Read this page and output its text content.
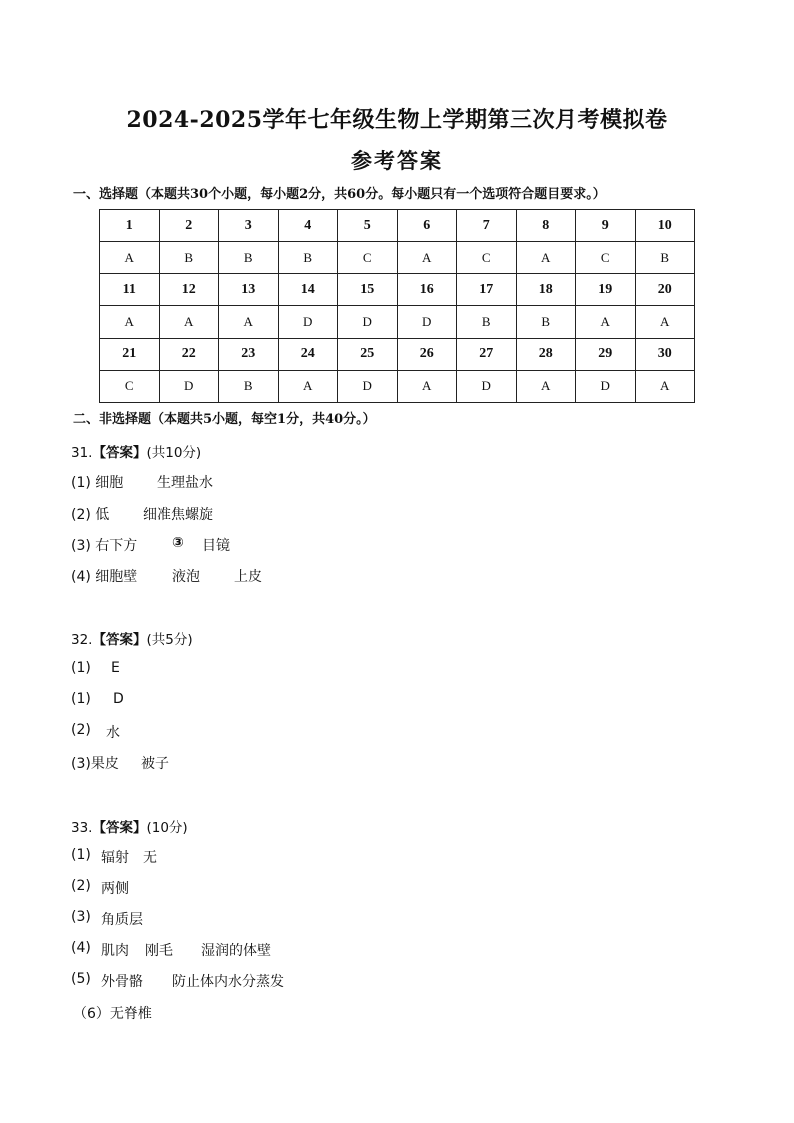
2024-2025学年七年级生物上学期第三次月考模拟卷
参考答案
一、选择题（本题共30个小题，每小题2分，共60分。每小题只有一个选项符合题目要求。）
1	2	3	4	5	6	7	8	9	10
A	B	B	B	C	A	C	A	C	B
11	12	13	14	15	16	17	18	19	20
A	A	A	D	D	D	B	B	A	A
21	22	23	24	25	26	27	28	29	30
C	D	B	A	D	A	D	A	D	A
二、非选择题（本题共5小题，每空1分，共40分。）
31.【答案】(共10分)
(1) 细胞 生理盐水
(2) 低 细准焦螺旋
(3) 右下方 ③ 目镜
(4) 细胞壁 液泡 上皮
32.【答案】(共5分)
(1) E
(1) D
(2) 水
(3)果皮 被子
33.【答案】(10分)
(1) 辐射 无
(2) 两侧
(3) 角质层
(4) 肌肉 刚毛 湿润的体壁
(5) 外骨骼 防止体内水分蒸发
（6）无脊椎
